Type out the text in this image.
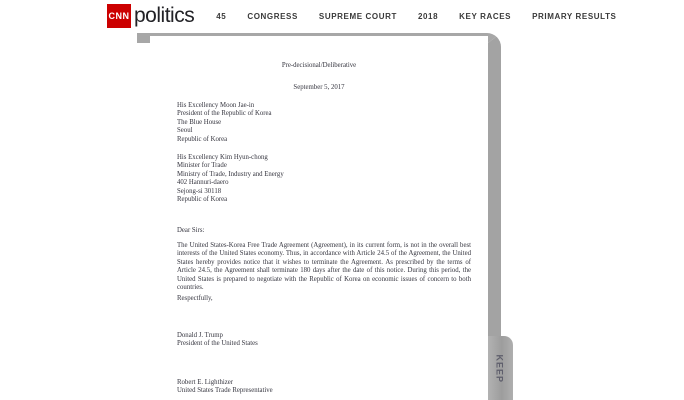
CNN politics	45	CONGRESS	SUPREME COURT	2018	KEY RACES	PRIMARY RESULTS
KEEP
Pre-decisional/Deliberative
September 5, 2017
His Excellency Moon Jae-in
President of the Republic of Korea
The Blue House
Seoul
Republic of Korea
His Excellency Kim Hyun-chong
Minister for Trade
Ministry of Trade, Industry and Energy
402 Hannuri-daero
Sejong-si 30118
Republic of Korea
Dear Sirs:
The United States-Korea Free Trade Agreement (Agreement), in its current form, is not in the overall best interests of the United States economy. Thus, in accordance with Article 24.5 of the Agreement, the United States hereby provides notice that it wishes to terminate the Agreement. As prescribed by the terms of Article 24.5, the Agreement shall terminate 180 days after the date of this notice. During this period, the United States is prepared to negotiate with the Republic of Korea on economic issues of concern to both countries.
Respectfully,
Donald J. Trump
President of the United States
Robert E. Lighthizer
United States Trade Representative
